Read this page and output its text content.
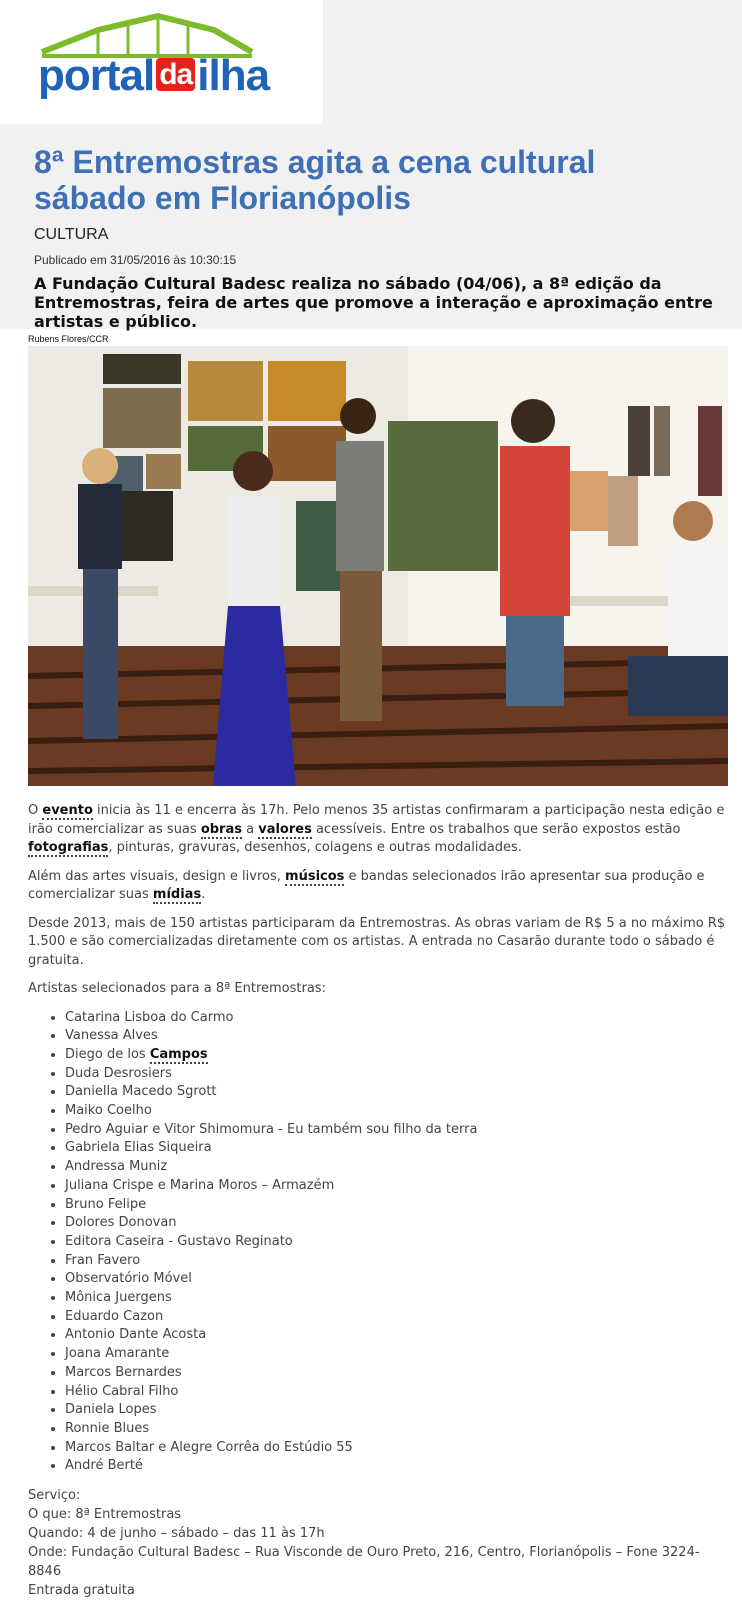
portal da ilha
8ª Entremostras agita a cena cultural sábado em Florianópolis
CULTURA
Publicado em 31/05/2016 às 10:30:15

A Fundação Cultural Badesc realiza no sábado (04/06), a 8ª edição da Entremostras, feira de artes que promove a interação e aproximação entre artistas e público.

Rubens Flores/CCR

O evento inicia às 11 e encerra às 17h. Pelo menos 35 artistas confirmaram a participação nesta edição e irão comercializar as suas obras a valores acessíveis. Entre os trabalhos que serão expostos estão fotografias, pinturas, gravuras, desenhos, colagens e outras modalidades.

Além das artes visuais, design e livros, músicos e bandas selecionados irão apresentar sua produção e comercializar suas mídias.

Desde 2013, mais de 150 artistas participaram da Entremostras. As obras variam de R$ 5 a no máximo R$ 1.500 e são comercializadas diretamente com os artistas. A entrada no Casarão durante todo o sábado é gratuita.

Artistas selecionados para a 8ª Entremostras:

• Catarina Lisboa do Carmo
• Vanessa Alves
• Diego de los Campos
• Duda Desrosiers
• Daniella Macedo Sgrott
• Maiko Coelho
• Pedro Aguiar e Vitor Shimomura - Eu também sou filho da terra
• Gabriela Elias Siqueira
• Andressa Muniz
• Juliana Crispe e Marina Moros – Armazém
• Bruno Felipe
• Dolores Donovan
• Editora Caseira - Gustavo Reginato
• Fran Favero
• Observatório Móvel
• Mônica Juergens
• Eduardo Cazon
• Antonio Dante Acosta
• Joana Amarante
• Marcos Bernardes
• Hélio Cabral Filho
• Daniela Lopes
• Ronnie Blues
• Marcos Baltar e Alegre Corrêa do Estúdio 55
• André Berté
Serviço:
O que: 8ª Entremostras
Quando: 4 de junho – sábado – das 11 às 17h
Onde: Fundação Cultural Badesc – Rua Visconde de Ouro Preto, 216, Centro, Florianópolis – Fone 3224-8846
Entrada gratuita
